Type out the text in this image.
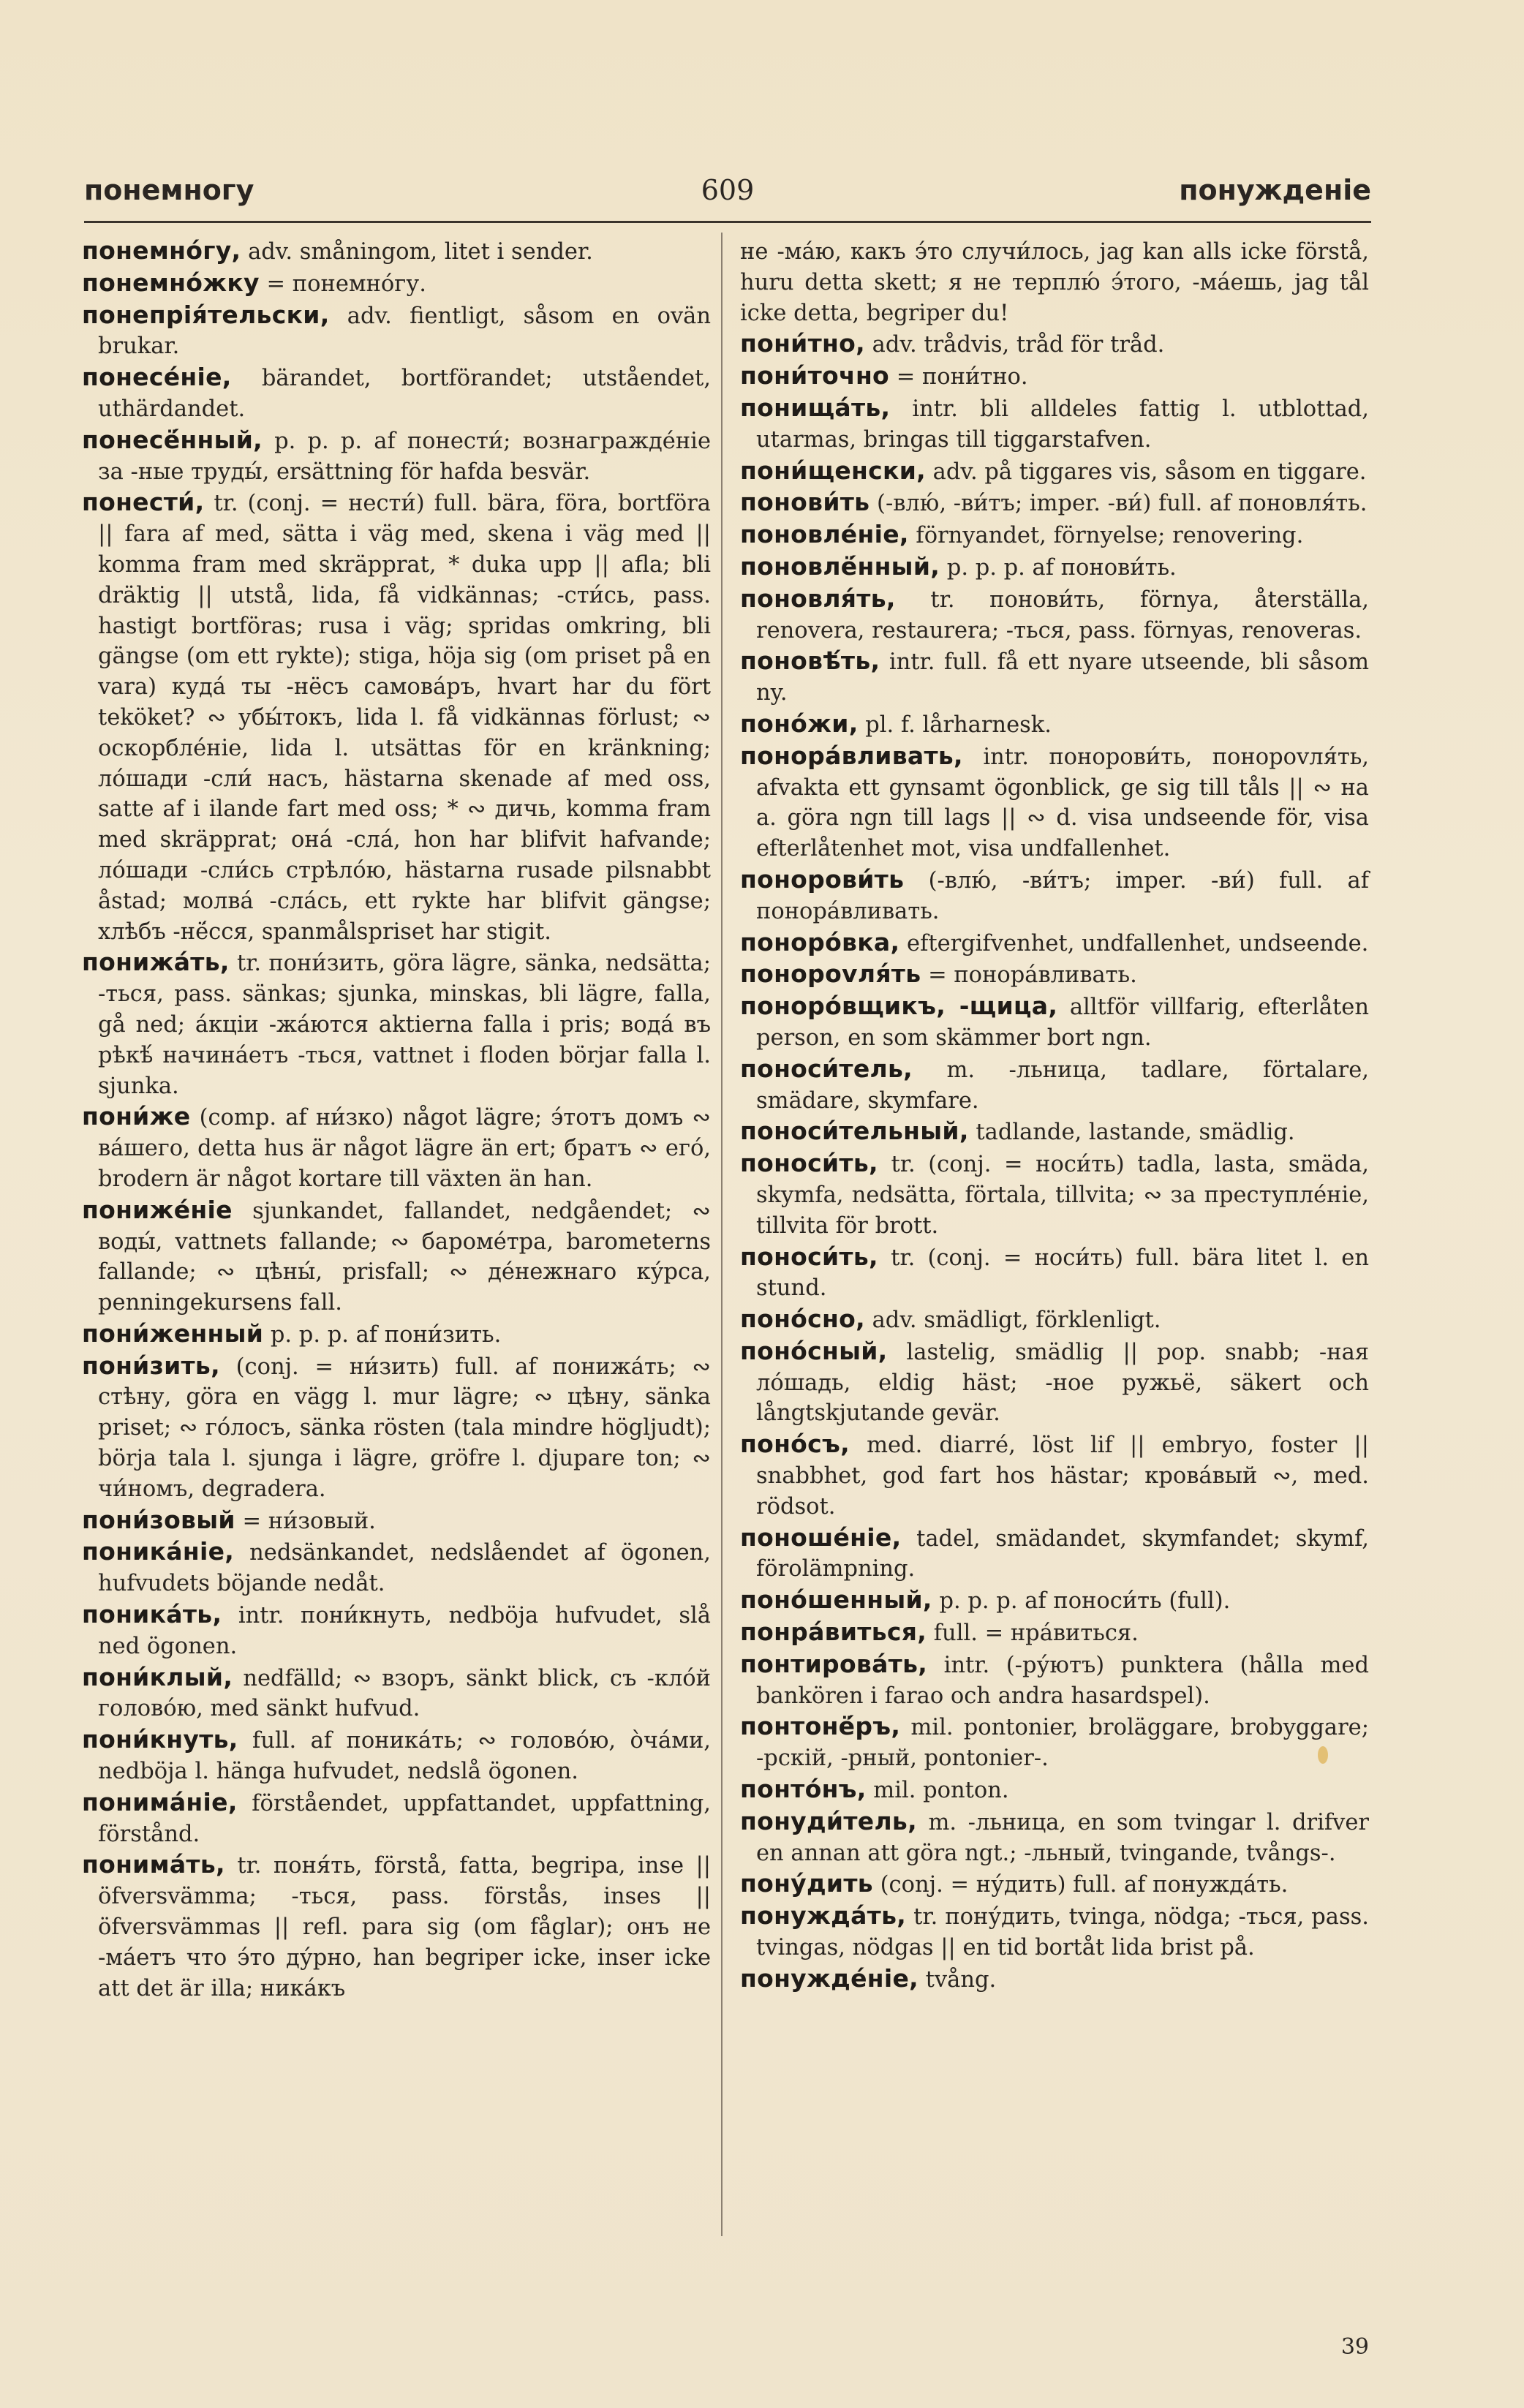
понемногу	609	понужденіе

понемно́гу, adv. småningom, litet i sender.

понемно́жку = понемно́гу.

понепрія́тельски, adv. fientligt, såsom en ovän brukar.

понесе́ніе, bärandet, bortförandet; utståendet, uthärdandet.

понесё́нный, p. p. p. af понести́; вознагражде́ніе за -ные труды́, ersättning för hafda besvär.

понести́, tr. (conj. = нести́) full. bära, föra, bortföra || fara af med, sätta i väg med, skena i väg med || komma fram med skräpprat, * duka upp || afla; bli dräktig || utstå, lida, få vidkännas; -сти́сь, pass. hastigt bortföras; rusa i väg; spridas omkring, bli gängse (om ett rykte); stiga, höja sig (om priset på en vara) куда́ ты -нёсъ самова́ръ, hvart har du fört teköket? ∾ убы́токъ, lida l. få vidkännas förlust; ∾ оскорбле́ніе, lida l. utsättas för en kränkning; ло́шади -сли́ насъ, hästarna skenade af med oss, satte af i ilande fart med oss; * ∾ дичь, komma fram med skräpprat; она́ -сла́, hon har blifvit hafvande; ло́шади -сли́сь стрѣло́ю, hästarna rusade pilsnabbt åstad; молва́ -сла́сь, ett rykte har blifvit gängse; хлѣбъ -нё́сся, spanmålspriset har stigit.

понижа́ть, tr. пони́зить, göra lägre, sänka, nedsätta; -ться, pass. sänkas; sjunka, minskas, bli lägre, falla, gå ned; а́кціи -жа́ются aktierna falla i pris; вода́ въ рѣкѣ́ начина́етъ -ться, vattnet i floden börjar falla l. sjunka.

пони́же (comp. af ни́зко) något lägre; э́тотъ домъ ∾ ва́шего, detta hus är något lägre än ert; братъ ∾ его́, brodern är något kortare till växten än han.

пониже́ніе sjunkandet, fallandet, nedgåendet; ∾ воды́, vattnets fallande; ∾ бароме́тра, barometerns fallande; ∾ цѣны́, prisfall; ∾ де́нежнаго ку́рса, penningekursens fall.

пони́женный p. p. p. af пони́зить.

пони́зить, (conj. = ни́зить) full. af понижа́ть; ∾ стѣну, göra en vägg l. mur lägre; ∾ цѣну, sänka priset; ∾ го́лосъ, sänka rösten (tala mindre högljudt); börja tala l. sjunga i lägre, gröfre l. djupare ton; ∾ чи́номъ, degradera.

пони́зовый = ни́зовый.

поника́ніе, nedsänkandet, nedslåendet af ögonen, hufvudets böjande nedåt.

поника́ть, intr. пони́кнуть, nedböja hufvudet, slå ned ögonen.

пони́клый, nedfälld; ∾ взоръ, sänkt blick, съ -кло́й голово́ю, med sänkt hufvud.

пони́кнуть, full. af поника́ть; ∾ голово́ю, о̀ча́ми, nedböja l. hänga hufvudet, nedslå ögonen.

понима́ніе, förståendet, uppfattandet, uppfattning, förstånd.

понима́ть, tr. поня́ть, förstå, fatta, begripa, inse || öfversvämma; -ться, pass. förstås, inses || öfversvämmas || refl. para sig (om fåglar); онъ не -ма́етъ что э́то ду́рно, han begriper icke, inser icke att det är illa; ника́къ

не -ма́ю, какъ э́то случи́лось, jag kan alls icke förstå, huru detta skett; я не терплю́ э́того, -ма́ешь, jag tål icke detta, begriper du!

пони́тно, adv. trådvis, tråd för tråd.

пони́точно = пони́тно.

понища́ть, intr. bli alldeles fattig l. utblottad, utarmas, bringas till tiggarstafven.

пони́щенски, adv. på tiggares vis, såsom en tiggare.

понови́ть (-влю́, -ви́тъ; imper. -ви́) full. af поновля́ть.

поновле́ніе, förnyandet, förnyelse; renovering.

поновлё́нный, p. p. p. af понови́ть.

поновля́ть, tr. понови́ть, förnya, återställa, renovera, restaurera; -ться, pass. förnyas, renoveras.

поновѣ́ть, intr. full. få ett nyare utseende, bli såsom ny.

поно́жи, pl. f. lårharnesk.

понора́вливать, intr. понорови́ть, понорovля́ть, afvakta ett gynsamt ögonblick, ge sig till tåls || ∾ на a. göra ngn till lags || ∾ d. visa undseende för, visa efterlåtenhet mot, visa undfallenhet.

понорови́ть (-влю́, -ви́тъ; imper. -ви́) full. af понора́вливать.

поноро́вка, eftergifvenhet, undfallenhet, undseende.

понорovля́ть = понора́вливать.

поноро́вщикъ, -щица, alltför villfarig, efterlåten person, en som skämmer bort ngn.

поноси́тель, m. -льница, tadlare, förtalare, smädare, skymfare.

поноси́тельный, tadlande, lastande, smädlig.

поноси́ть, tr. (conj. = носи́ть) tadla, lasta, smäda, skymfa, nedsätta, förtala, tillvita; ∾ за преступле́ніе, tillvita för brott.

поноси́ть, tr. (conj. = носи́ть) full. bära litet l. en stund.

поно́сно, adv. smädligt, förklenligt.

поно́сный, lastelig, smädlig || pop. snabb; -ная ло́шадь, eldig häst; -ное ружьё, säkert och långtskjutande gevär.

поно́съ, med. diarré, löst lif || embryo, foster || snabbhet, god fart hos hästar; крова́вый ∾, med. rödsot.

поноше́ніе, tadel, smädandet, skymfandet; skymf, förolämpning.

поно́шенный, p. p. p. af поноси́ть (full).

понра́виться, full. = нра́виться.

понтирова́ть, intr. (-ру́ютъ) punktera (hålla med bankören i farao och andra hasardspel).

понтонё́ръ, mil. pontonier, broläggare, brobyggare; -рскій, -рный, pontonier-.

понто́нъ, mil. ponton.

понуди́тель, m. -льница, en som tvingar l. drifver en annan att göra ngt.; -льный, tvingande, tvångs-.

пону́дить (conj. = ну́дить) full. af понужда́ть.

понужда́ть, tr. пону́дить, tvinga, nödga; -ться, pass. tvingas, nödgas || en tid bortåt lida brist på.

понужде́ніе, tvång.

39
